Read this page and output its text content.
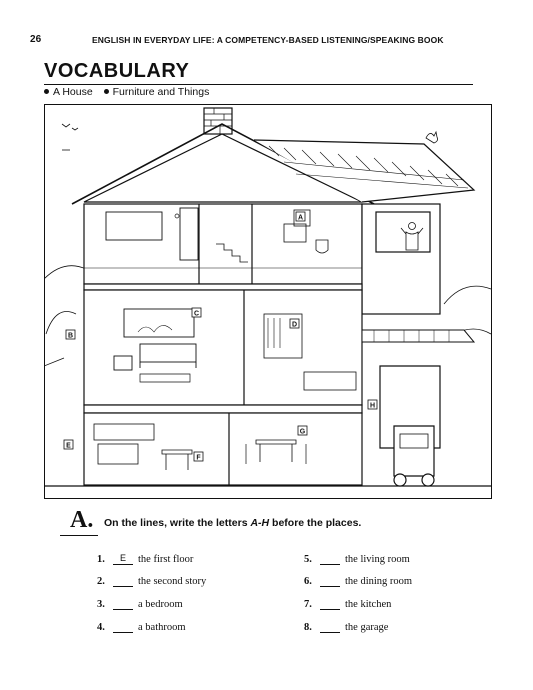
26	ENGLISH IN EVERYDAY LIFE: A COMPETENCY-BASED LISTENING/SPEAKING BOOK
VOCABULARY
A House Furniture and Things
A
B
C
D
E
F
G
H
A. On the lines, write the letters A-H before the places.
1. E the first floor
2.	the second story
3.	a bedroom
4.	a bathroom
5.	the living room
6.	the dining room
7.	the kitchen
8.	the garage
